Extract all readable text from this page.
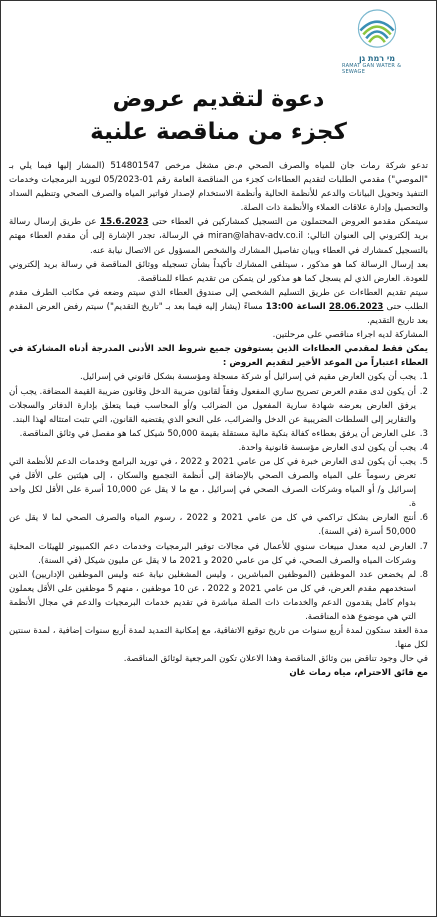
מי רמת גן
RAMAT GAN WATER & SEWAGE
دعوة لتقديم عروض
كجزء من مناقصة علنية

تدعو شركة رمات جان للمياه والصرف الصحي م.ض مشغل مرخص 514801547 (المشار إليها فيما يلي بـ "الموصي") مقدمي الطلبات لتقديم العطاءات كجزء من المناقصة العامة رقم 01-05/2023 لتوريد البرمجيات وخدمات التنفيذ وتحويل البيانات والدعم للأنظمة الحالية وأنظمة الاستخدام لإصدار فواتير المياه والصرف الصحي وتنظيم السداد والتحصيل وإدارة علاقات العملاء والأنظمة ذات الصلة.

سيتمكن مقدمو العروض المحتملون من التسجيل كمشاركين في العطاء حتى 15.6.2023 عن طريق إرسال رسالة بريد إلكتروني إلى العنوان التالي: miran@lahav-adv.co.il في الرسالة، تجدر الإشارة إلى أن مقدم العطاء مهتم بالتسجيل كمشارك في العطاء وبيان تفاصيل المشارك والشخص المسؤول عن الاتصال نيابة عنه.

بعد إرسال الرسالة كما هو مذكور ، سيتلقى المشارك تأكيداً بشأن تسجيله ووثائق المناقصة في رسالة بريد إلكتروني للعودة. العارض الذي لم يسجل كما هو مذكور لن يتمكن من تقديم عطاء للمناقصة.

سيتم تقديم العطاءات عن طريق التسليم الشخصي إلى صندوق العطاء الذي سيتم وضعه في مكاتب الطرف مقدم الطلب حتى 28.06.2023 الساعة 13:00 مساءً (يشار إليه فيما بعد بـ "تاريخ التقديم") سيتم رفض العرض المقدم بعد تاريخ التقديم.

المشاركة لديه اجراء مناقصي على مرحلتين.

يمكن فقط لمقدمي العطاءات الذين يستوفون جميع شروط الحد الأدنى المدرجة أدناه المشاركة في العطاء اعتباراً من الموعد الأخير لتقديم العروض :

1.
يجب أن يكون العارض مقيم في إسرائيل أو شركة مسجلة ومؤسسة بشكل قانوني في إسرائيل.
2.
أن يكون لدى مقدم العرض تصريح ساري المفعول وفقاً لقانون ضريبة الدخل وقانون ضريبة القيمة المضافة. يجب أن يرفق العارض بعرضه شهادة سارية المفعول من الضرائب و/أو المحاسب فيما يتعلق بإدارة الدفاتر والسجلات والتقارير إلى السلطات الضريبية عن الدخل والضرائب، على النحو الذي يقتضيه القانون، التي تثبت امتثاله لهذا البند.
3.
على العارض أن يرفق بعطاءه كفالة بنكية مالية مستقلة بقيمة 50,000 شيكل كما هو مفصل في وثائق المناقصة.
4.
يجب أن يكون لدى العارض مؤسسة قانونية واحدة.
5.
يجب أن يكون لدى العارض خبرة في كل من عامي 2021 و 2022 ، في توريد البرامج وخدمات الدعم للأنظمة التي تعرض رسوماً على المياه والصرف الصحي بالإضافة إلى أنظمة التجميع والسكان ، إلى هيئتين على الأقل في إسرائيل و/ أو المياه وشركات الصرف الصحي في إسرائيل ، مع ما لا يقل عن 10,000 أسرة على الأقل لكل واحد ة.
6.
أنتج العارض بشكل تراكمي في كل من عامي 2021 و 2022 ، رسوم المياه والصرف الصحي لما لا يقل عن 50,000 أسرة (في السنة).
7.
العارض لديه معدل مبيعات سنوي للأعمال في مجالات توفير البرمجيات وخدمات دعم الكمبيوتر للهيئات المحلية وشركات المياه والصرف الصحي، في كل من عامي 2020 و 2021 ما لا يقل عن مليون شيكل (في السنة).
8.
لم يخضعن عدد الموظفين (الموظفين المباشرين ، وليس المشغلين نيابة عنه وليس الموظفين الإداريين) الذين استخدمهم مقدم العرض، في كل من عامي 2021 و 2022 ، عن 10 موظفين ، منهم 5 موظفين على الأقل يعملون بدوام كامل يقدمون الدعم والخدمات ذات الصلة مباشرة في تقديم خدمات البرمجيات والدعم في مجال الأنظمة التي هي موضوع هذه المناقصة.

مدة العقد ستكون لمدة أربع سنوات من تاريخ توقيع الاتفاقية، مع إمكانية التمديد لمدة أربع سنوات إضافية ، لمدة سنتين لكل منها.

في حال وجود تناقض بين وثائق المناقصة وهذا الاعلان تكون المرجعية لوثائق المناقصة.

مع فائق الاحترام، مياه رمات غان
